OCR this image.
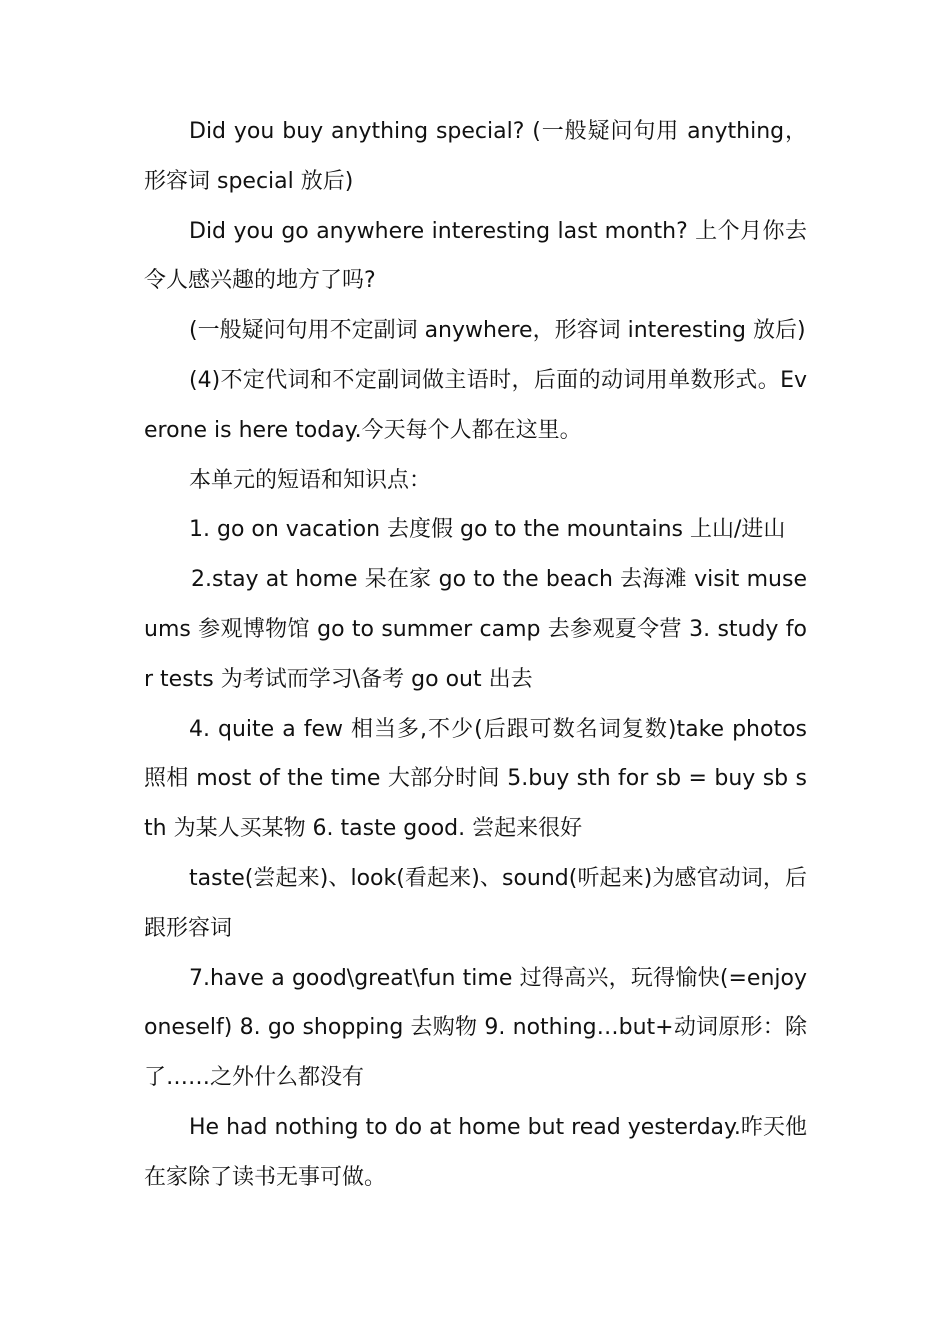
Did you buy anything special? (一般疑问句用 anything，形容词 special 放后)

Did you go anywhere interesting last month? 上个月你去令人感兴趣的地方了吗?

(一般疑问句用不定副词 anywhere，形容词 interesting 放后)

(4)不定代词和不定副词做主语时，后面的动词用单数形式。Everone is here today.今天每个人都在这里。

本单元的短语和知识点：

1. go on vacation 去度假 go to the mountains 上山/进山

2.stay at home 呆在家 go to the beach 去海滩 visit museums 参观博物馆 go to summer camp 去参观夏令营 3. study for tests 为考试而学习\备考 go out 出去

4. quite a few 相当多,不少(后跟可数名词复数)take photos 照相 most of the time 大部分时间 5.buy sth for sb = buy sb sth 为某人买某物 6. taste good. 尝起来很好

taste(尝起来)、look(看起来)、sound(听起来)为感官动词，后跟形容词

7.have a good\great\fun time 过得高兴，玩得愉快(=enjoy oneself) 8. go shopping 去购物 9. nothing…but+动词原形：除了……之外什么都没有

He had nothing to do at home but read yesterday.昨天他在家除了读书无事可做。
